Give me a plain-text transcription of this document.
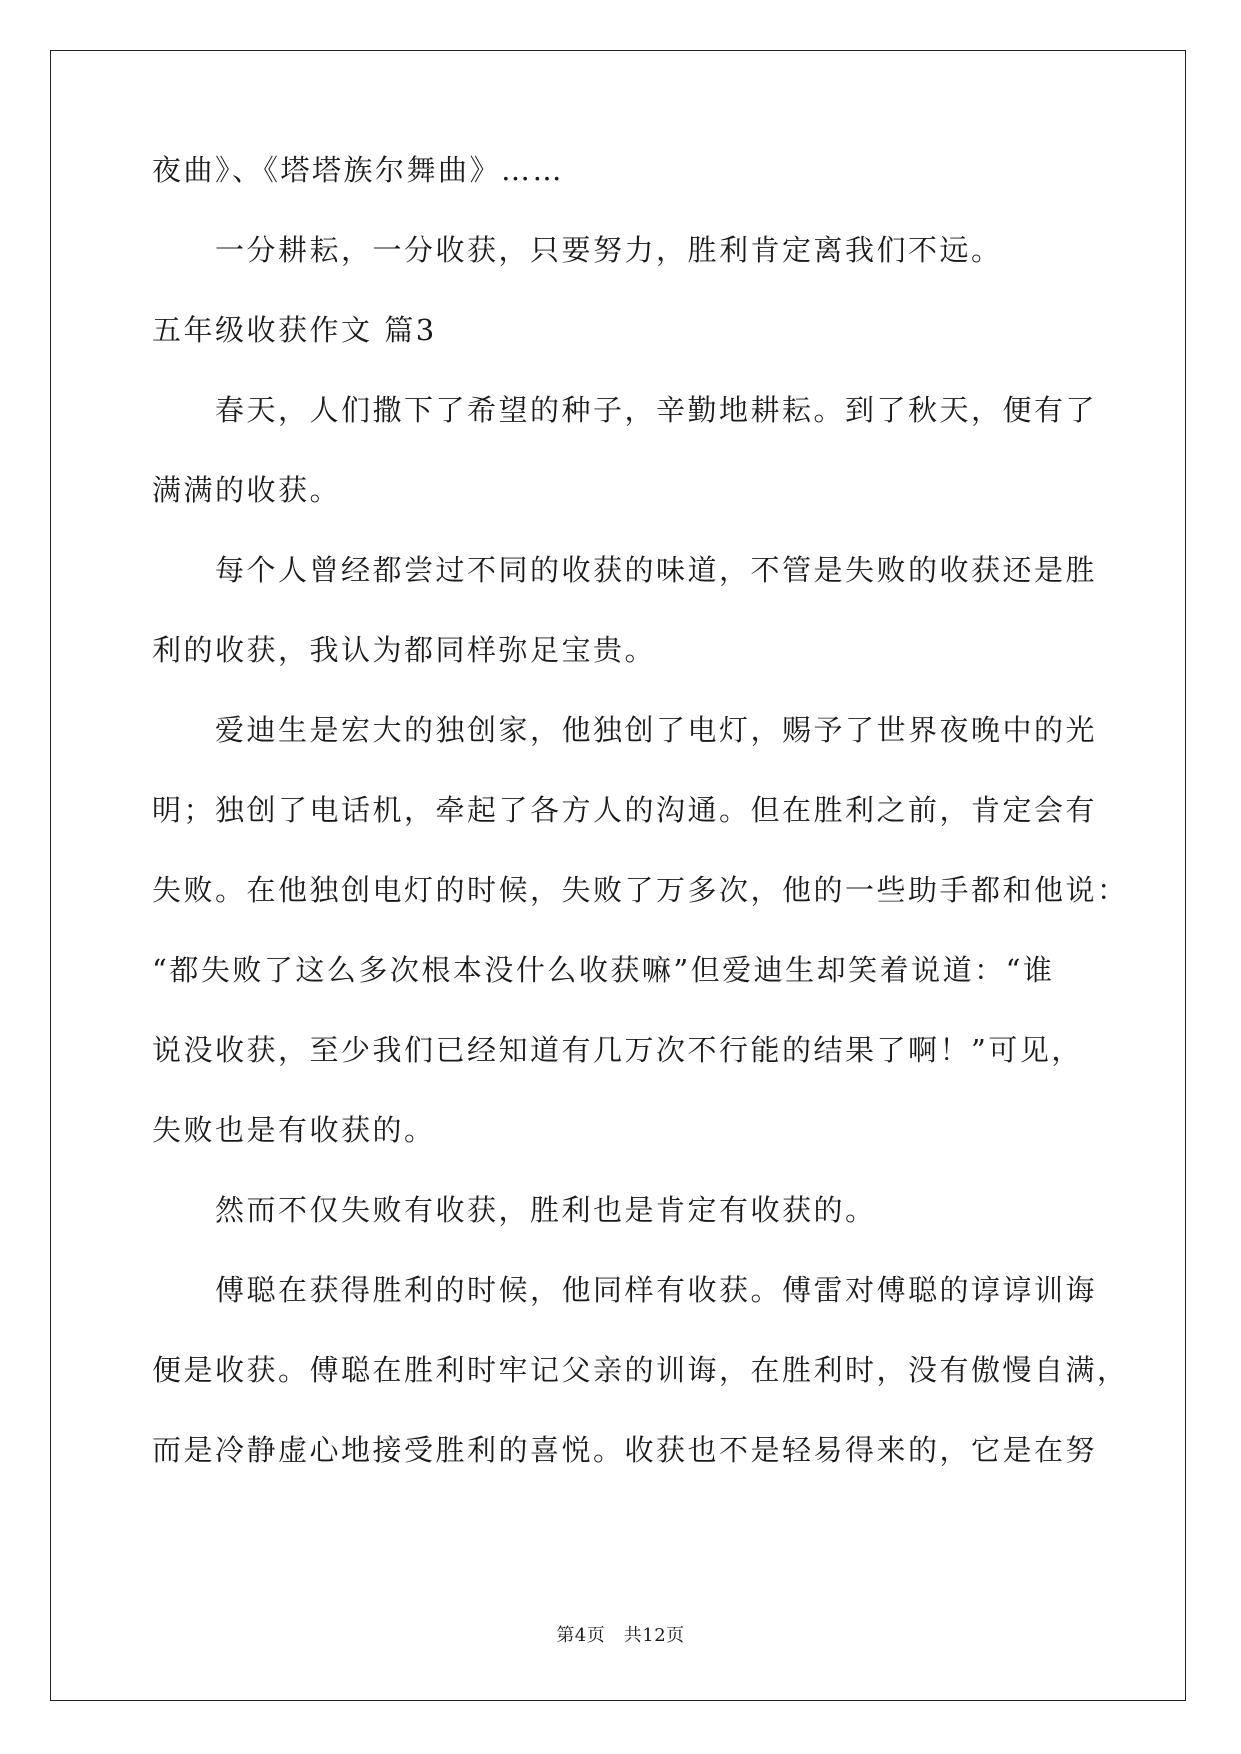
夜曲》、《塔塔族尔舞曲》……
一分耕耘，一分收获，只要努力，胜利肯定离我们不远。
五年级收获作文 篇3
春天，人们撒下了希望的种子，辛勤地耕耘。到了秋天，便有了
满满的收获。
每个人曾经都尝过不同的收获的味道，不管是失败的收获还是胜
利的收获，我认为都同样弥足宝贵。
爱迪生是宏大的独创家，他独创了电灯，赐予了世界夜晚中的光
明；独创了电话机，牵起了各方人的沟通。但在胜利之前，肯定会有
失败。在他独创电灯的时候，失败了万多次，他的一些助手都和他说：
“都失败了这么多次根本没什么收获嘛”但爱迪生却笑着说道：“谁
说没收获，至少我们已经知道有几万次不行能的结果了啊！”可见，
失败也是有收获的。
然而不仅失败有收获，胜利也是肯定有收获的。
傅聪在获得胜利的时候，他同样有收获。傅雷对傅聪的谆谆训诲
便是收获。傅聪在胜利时牢记父亲的训诲，在胜利时，没有傲慢自满，
而是冷静虚心地接受胜利的喜悦。收获也不是轻易得来的，它是在努
第4页　共12页
